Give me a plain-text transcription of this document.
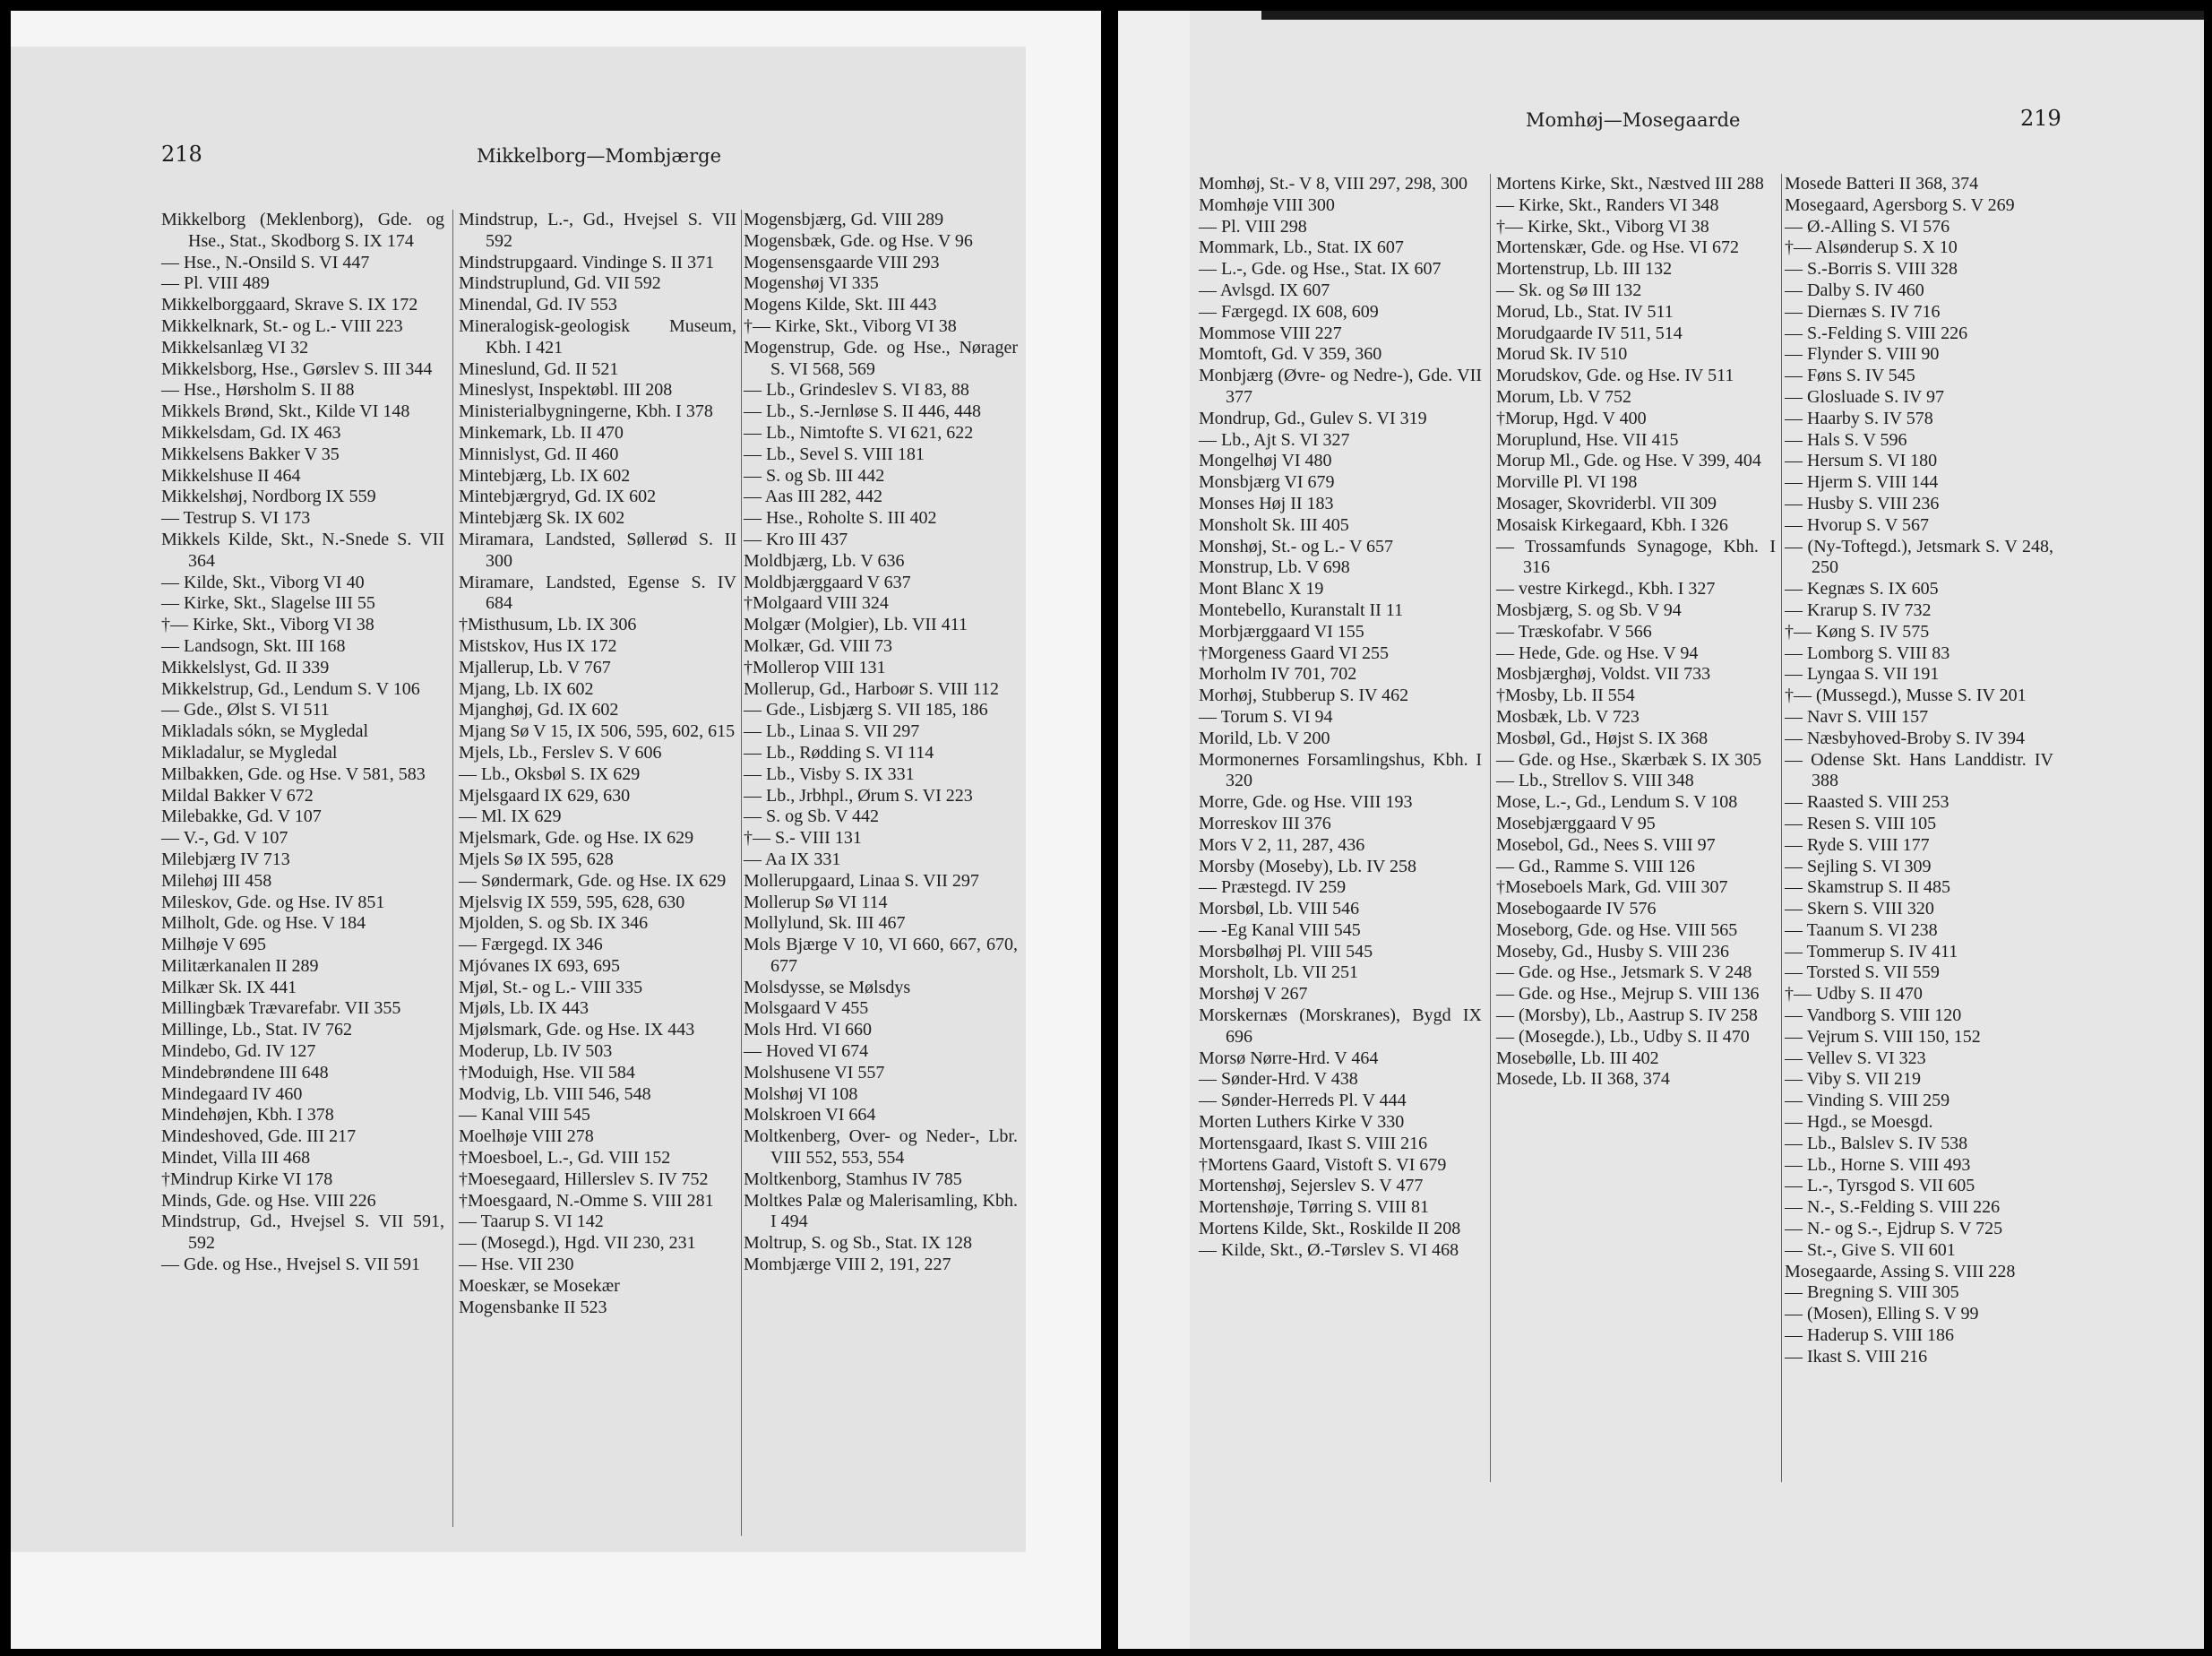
218	Mikkelborg—Mombjærge

Mikkelborg (Meklenborg), Gde. og Hse., Stat., Skodborg S. IX 174

— Hse., N.-Onsild S. VI 447

— Pl. VIII 489

Mikkelborggaard, Skrave S. IX 172

Mikkelknark, St.- og L.- VIII 223

Mikkelsanlæg VI 32

Mikkelsborg, Hse., Gørslev S. III 344

— Hse., Hørsholm S. II 88

Mikkels Brønd, Skt., Kilde VI 148

Mikkelsdam, Gd. IX 463

Mikkelsens Bakker V 35

Mikkelshuse II 464

Mikkelshøj, Nordborg IX 559

— Testrup S. VI 173

Mikkels Kilde, Skt., N.-Snede S. VII 364

— Kilde, Skt., Viborg VI 40

— Kirke, Skt., Slagelse III 55

†— Kirke, Skt., Viborg VI 38

— Landsogn, Skt. III 168

Mikkelslyst, Gd. II 339

Mikkelstrup, Gd., Lendum S. V 106

— Gde., Ølst S. VI 511

Mikladals sókn, se Mygledal

Mikladalur, se Mygledal

Milbakken, Gde. og Hse. V 581, 583

Mildal Bakker V 672

Milebakke, Gd. V 107

— V.-, Gd. V 107

Milebjærg IV 713

Milehøj III 458

Mileskov, Gde. og Hse. IV 851

Milholt, Gde. og Hse. V 184

Milhøje V 695

Militærkanalen II 289

Milkær Sk. IX 441

Millingbæk Trævarefabr. VII 355

Millinge, Lb., Stat. IV 762

Mindebo, Gd. IV 127

Mindebrøndene III 648

Mindegaard IV 460

Mindehøjen, Kbh. I 378

Mindeshoved, Gde. III 217

Mindet, Villa III 468

†Mindrup Kirke VI 178

Minds, Gde. og Hse. VIII 226

Mindstrup, Gd., Hvejsel S. VII 591, 592

— Gde. og Hse., Hvejsel S. VII 591

Mindstrup, L.-, Gd., Hvejsel S. VII 592

Mindstrupgaard. Vindinge S. II 371

Mindstruplund, Gd. VII 592

Minendal, Gd. IV 553

Mineralogisk-geologisk Museum, Kbh. I 421

Mineslund, Gd. II 521

Mineslyst, Inspektøbl. III 208

Ministerialbygningerne, Kbh. I 378

Minkemark, Lb. II 470

Minnislyst, Gd. II 460

Mintebjærg, Lb. IX 602

Mintebjærgryd, Gd. IX 602

Mintebjærg Sk. IX 602

Miramara, Landsted, Søllerød S. II 300

Miramare, Landsted, Egense S. IV 684

†Misthusum, Lb. IX 306

Mistskov, Hus IX 172

Mjallerup, Lb. V 767

Mjang, Lb. IX 602

Mjanghøj, Gd. IX 602

Mjang Sø V 15, IX 506, 595, 602, 615

Mjels, Lb., Ferslev S. V 606

— Lb., Oksbøl S. IX 629

Mjelsgaard IX 629, 630

— Ml. IX 629

Mjelsmark, Gde. og Hse. IX 629

Mjels Sø IX 595, 628

— Søndermark, Gde. og Hse. IX 629

Mjelsvig IX 559, 595, 628, 630

Mjolden, S. og Sb. IX 346

— Færgegd. IX 346

Mjóvanes IX 693, 695

Mjøl, St.- og L.- VIII 335

Mjøls, Lb. IX 443

Mjølsmark, Gde. og Hse. IX 443

Moderup, Lb. IV 503

†Moduigh, Hse. VII 584

Modvig, Lb. VIII 546, 548

— Kanal VIII 545

Moelhøje VIII 278

†Moesboel, L.-, Gd. VIII 152

†Moesegaard, Hillerslev S. IV 752

†Moesgaard, N.-Omme S. VIII 281

— Taarup S. VI 142

— (Mosegd.), Hgd. VII 230, 231

— Hse. VII 230

Moeskær, se Mosekær

Mogensbanke II 523

Mogensbjærg, Gd. VIII 289

Mogensbæk, Gde. og Hse. V 96

Mogensensgaarde VIII 293

Mogenshøj VI 335

Mogens Kilde, Skt. III 443

†— Kirke, Skt., Viborg VI 38

Mogenstrup, Gde. og Hse., Nørager S. VI 568, 569

— Lb., Grindeslev S. VI 83, 88

— Lb., S.-Jernløse S. II 446, 448

— Lb., Nimtofte S. VI 621, 622

— Lb., Sevel S. VIII 181

— S. og Sb. III 442

— Aas III 282, 442

— Hse., Roholte S. III 402

— Kro III 437

Moldbjærg, Lb. V 636

Moldbjærggaard V 637

†Molgaard VIII 324

Molgær (Molgier), Lb. VII 411

Molkær, Gd. VIII 73

†Mollerop VIII 131

Mollerup, Gd., Harboør S. VIII 112

— Gde., Lisbjærg S. VII 185, 186

— Lb., Linaa S. VII 297

— Lb., Rødding S. VI 114

— Lb., Visby S. IX 331

— Lb., Jrbhpl., Ørum S. VI 223

— S. og Sb. V 442

†— S.- VIII 131

— Aa IX 331

Mollerupgaard, Linaa S. VII 297

Mollerup Sø VI 114

Mollylund, Sk. III 467

Mols Bjærge V 10, VI 660, 667, 670, 677

Molsdysse, se Mølsdys

Molsgaard V 455

Mols Hrd. VI 660

— Hoved VI 674

Molshusene VI 557

Molshøj VI 108

Molskroen VI 664

Moltkenberg, Over- og Neder-, Lbr. VIII 552, 553, 554

Moltkenborg, Stamhus IV 785

Moltkes Palæ og Malerisamling, Kbh. I 494

Moltrup, S. og Sb., Stat. IX 128

Mombjærge VIII 2, 191, 227

Momhøj—Mosegaarde	219

Momhøj, St.- V 8, VIII 297, 298, 300

Momhøje VIII 300

— Pl. VIII 298

Mommark, Lb., Stat. IX 607

— L.-, Gde. og Hse., Stat. IX 607

— Avlsgd. IX 607

— Færgegd. IX 608, 609

Mommose VIII 227

Momtoft, Gd. V 359, 360

Monbjærg (Øvre- og Nedre-), Gde. VII 377

Mondrup, Gd., Gulev S. VI 319

— Lb., Ajt S. VI 327

Mongelhøj VI 480

Monsbjærg VI 679

Monses Høj II 183

Monsholt Sk. III 405

Monshøj, St.- og L.- V 657

Monstrup, Lb. V 698

Mont Blanc X 19

Montebello, Kuranstalt II 11

Morbjærggaard VI 155

†Morgeness Gaard VI 255

Morholm IV 701, 702

Morhøj, Stubberup S. IV 462

— Torum S. VI 94

Morild, Lb. V 200

Mormonernes Forsamlingshus, Kbh. I 320

Morre, Gde. og Hse. VIII 193

Morreskov III 376

Mors V 2, 11, 287, 436

Morsby (Moseby), Lb. IV 258

— Præstegd. IV 259

Morsbøl, Lb. VIII 546

— -Eg Kanal VIII 545

Morsbølhøj Pl. VIII 545

Morsholt, Lb. VII 251

Morshøj V 267

Morskernæs (Morskranes), Bygd IX 696

Morsø Nørre-Hrd. V 464

— Sønder-Hrd. V 438

— Sønder-Herreds Pl. V 444

Morten Luthers Kirke V 330

Mortensgaard, Ikast S. VIII 216

†Mortens Gaard, Vistoft S. VI 679

Mortenshøj, Sejerslev S. V 477

Mortenshøje, Tørring S. VIII 81

Mortens Kilde, Skt., Roskilde II 208

— Kilde, Skt., Ø.-Tørslev S. VI 468

Mortens Kirke, Skt., Næstved III 288

— Kirke, Skt., Randers VI 348

†— Kirke, Skt., Viborg VI 38

Mortenskær, Gde. og Hse. VI 672

Mortenstrup, Lb. III 132

— Sk. og Sø III 132

Morud, Lb., Stat. IV 511

Morudgaarde IV 511, 514

Morud Sk. IV 510

Morudskov, Gde. og Hse. IV 511

Morum, Lb. V 752

†Morup, Hgd. V 400

Moruplund, Hse. VII 415

Morup Ml., Gde. og Hse. V 399, 404

Morville Pl. VI 198

Mosager, Skovriderbl. VII 309

Mosaisk Kirkegaard, Kbh. I 326

— Trossamfunds Synagoge, Kbh. I 316

— vestre Kirkegd., Kbh. I 327

Mosbjærg, S. og Sb. V 94

— Træskofabr. V 566

— Hede, Gde. og Hse. V 94

Mosbjærghøj, Voldst. VII 733

†Mosby, Lb. II 554

Mosbæk, Lb. V 723

Mosbøl, Gd., Højst S. IX 368

— Gde. og Hse., Skærbæk S. IX 305

— Lb., Strellov S. VIII 348

Mose, L.-, Gd., Lendum S. V 108

Mosebjærggaard V 95

Mosebol, Gd., Nees S. VIII 97

— Gd., Ramme S. VIII 126

†Moseboels Mark, Gd. VIII 307

Mosebogaarde IV 576

Moseborg, Gde. og Hse. VIII 565

Moseby, Gd., Husby S. VIII 236

— Gde. og Hse., Jetsmark S. V 248

— Gde. og Hse., Mejrup S. VIII 136

— (Morsby), Lb., Aastrup S. IV 258

— (Mosegde.), Lb., Udby S. II 470

Mosebølle, Lb. III 402

Mosede, Lb. II 368, 374

Mosede Batteri II 368, 374

Mosegaard, Agersborg S. V 269

— Ø.-Alling S. VI 576

†— Alsønderup S. X 10

— S.-Borris S. VIII 328

— Dalby S. IV 460

— Diernæs S. IV 716

— S.-Felding S. VIII 226

— Flynder S. VIII 90

— Føns S. IV 545

— Glosluade S. IV 97

— Haarby S. IV 578

— Hals S. V 596

— Hersum S. VI 180

— Hjerm S. VIII 144

— Husby S. VIII 236

— Hvorup S. V 567

— (Ny-Toftegd.), Jetsmark S. V 248, 250

— Kegnæs S. IX 605

— Krarup S. IV 732

†— Køng S. IV 575

— Lomborg S. VIII 83

— Lyngaa S. VII 191

†— (Mussegd.), Musse S. IV 201

— Navr S. VIII 157

— Næsbyhoved-Broby S. IV 394

— Odense Skt. Hans Landdistr. IV 388

— Raasted S. VIII 253

— Resen S. VIII 105

— Ryde S. VIII 177

— Sejling S. VI 309

— Skamstrup S. II 485

— Skern S. VIII 320

— Taanum S. VI 238

— Tommerup S. IV 411

— Torsted S. VII 559

†— Udby S. II 470

— Vandborg S. VIII 120

— Vejrum S. VIII 150, 152

— Vellev S. VI 323

— Viby S. VII 219

— Vinding S. VIII 259

— Hgd., se Moesgd.

— Lb., Balslev S. IV 538

— Lb., Horne S. VIII 493

— L.-, Tyrsgod S. VII 605

— N.-, S.-Felding S. VIII 226

— N.- og S.-, Ejdrup S. V 725

— St.-, Give S. VII 601

Mosegaarde, Assing S. VIII 228

— Bregning S. VIII 305

— (Mosen), Elling S. V 99

— Haderup S. VIII 186

— Ikast S. VIII 216
